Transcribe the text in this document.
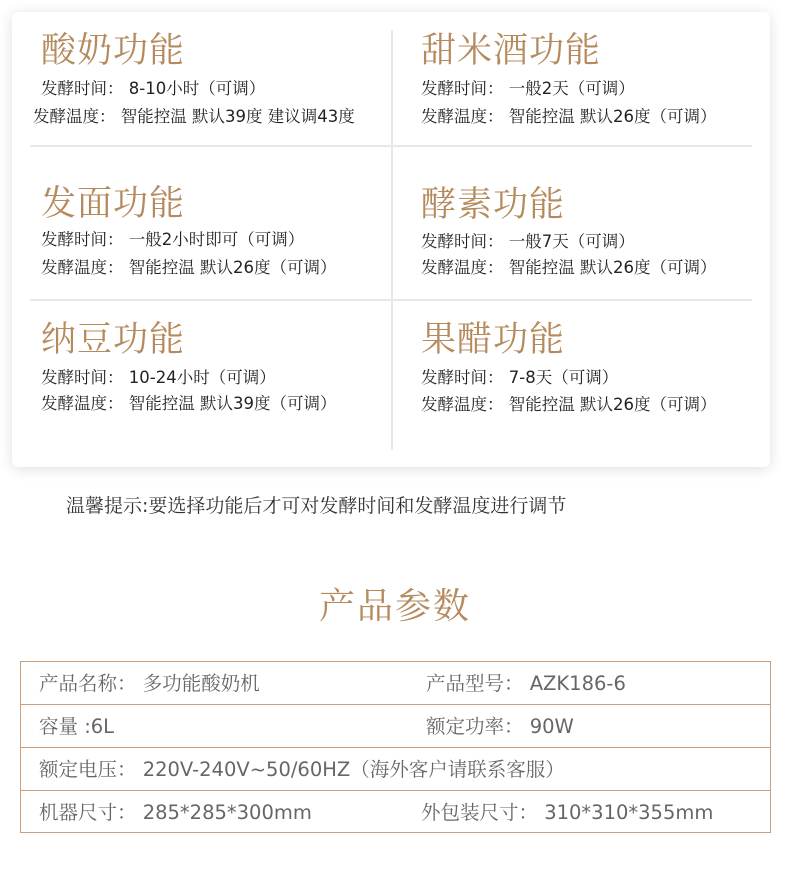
酸奶功能
发酵时间： 8-10小时（可调）
发酵温度： 智能控温 默认39度 建议调43度
甜米酒功能
发酵时间： 一般2天（可调）
发酵温度： 智能控温 默认26度（可调）
发面功能
发酵时间： 一般2小时即可（可调）
发酵温度： 智能控温 默认26度（可调）
酵素功能
发酵时间： 一般7天（可调）
发酵温度： 智能控温 默认26度（可调）
纳豆功能
发酵时间： 10-24小时（可调）
发酵温度： 智能控温 默认39度（可调）
果醋功能
发酵时间： 7-8天（可调）
发酵温度： 智能控温 默认26度（可调）
温馨提示:要选择功能后才可对发酵时间和发酵温度进行调节
产品参数
产品名称： 多功能酸奶机	产品型号： AZK186-6
容量 :6L	额定功率： 90W
额定电压： 220V-240V~50/60HZ（海外客户请联系客服）
机器尺寸： 285*285*300mm	外包装尺寸： 310*310*355mm
